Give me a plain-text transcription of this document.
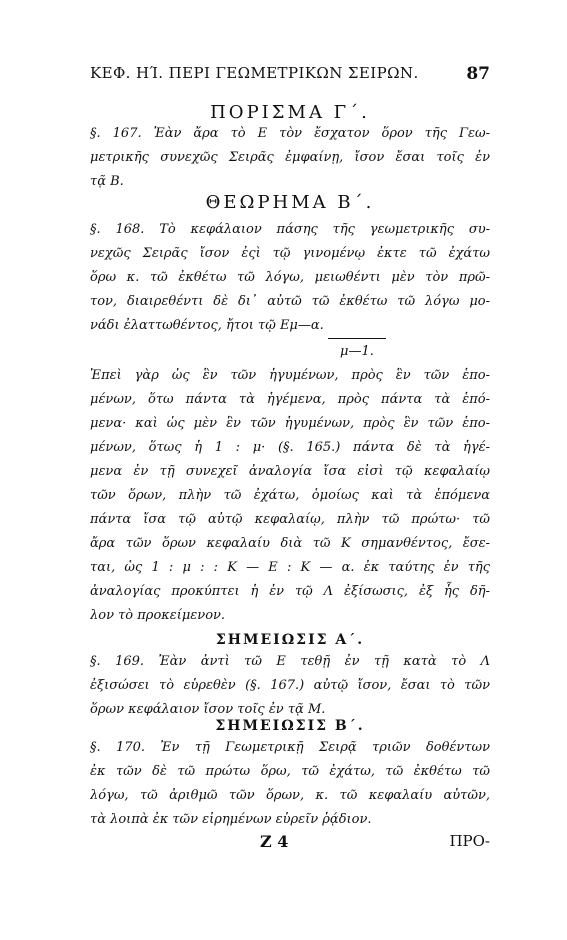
ΚΕΦ. ΗΊ. ΠΕΡΙ ΓΕΩΜΕΤΡΙΚΩΝ ΣΕΙΡΩΝ.	87
ΠΟΡΙΣΜΑ Γ΄.
§. 167. Ἐὰν ἄρα τὸ Ε τὸν ἔσχατον ὅρον τῆς Γεω-
μετρικῆς συνεχῶς Σειρᾶς ἐμφαίνῃ, ἴσον ἔσαι τοῖς ἐν
τᾷ Β.
ΘΕΩΡΗΜΑ Β΄.
§. 168. Τὸ κεφάλαιον πάσης τῆς γεωμετρικῆς συ-
νεχῶς Σειρᾶς ἴσον ἐςὶ τῷ γινομένῳ ἐκτε τῶ ἐχάτω
ὅρω κ. τῶ ἐκθέτω τῶ λόγω, μειωθέντι μὲν τὸν πρῶ-
τον, διαιρεθέντι δὲ δι᾿ αὐτῶ τῶ ἐκθέτω τῶ λόγω μο-
νάδι ἐλαττωθέντος, ἤτοι τῷ Εμ—α.
μ—1.
Ἐπεὶ γὰρ ὡς ἓν τῶν ἡγυμένων, πρὸς ἓν τῶν ἑπο-
μένων, ὅτω πάντα τὰ ἡγέμενα, πρὸς πάντα τὰ ἑπό-
μενα· καὶ ὡς μὲν ἓν τῶν ἡγυμένων, πρὸς ἓν τῶν ἑπο-
μένων, ὅτως ἡ 1 : μ· (§. 165.) πάντα δὲ τὰ ἡγέ-
μενα ἐν τῇ συνεχεῖ ἀναλογία ἴσα εἰσὶ τῷ κεφαλαίῳ
τῶν ὅρων, πλὴν τῶ ἐχάτω, ὁμοίως καὶ τὰ ἑπόμενα
πάντα ἴσα τῷ αὐτῷ κεφαλαίῳ, πλὴν τῶ πρώτω· τῶ
ἄρα τῶν ὅρων κεφαλαίυ διὰ τῶ Κ σημανθέντος, ἔσε-
ται, ὡς 1 : μ : : Κ — Ε : Κ — α. ἐκ ταύτης ἐν τῆς
ἀναλογίας προκύπτει ἡ ἐν τῷ Λ ἐξίσωσις, ἐξ ἧς δῆ-
λον τὸ προκείμενον.
ΣΗΜΕΙΩΣΙΣ Α΄.
§. 169. Ἐὰν ἀντὶ τῶ Ε τεθῇ ἐν τῇ κατὰ τὸ Λ
ἐξισώσει τὸ εὑρεθὲν (§. 167.) αὐτῷ ἴσον, ἔσαι τὸ τῶν
ὅρων κεφάλαιον ἴσον τοῖς ἐν τᾷ Μ.
ΣΗΜΕΙΩΣΙΣ Β΄.
§. 170. Ἐν τῇ Γεωμετρικῇ Σειρᾷ τριῶν δοθέντων
ἐκ τῶν δὲ τῶ πρώτω ὅρω, τῶ ἐχάτω, τῶ ἐκθέτω τῶ
λόγω, τῶ ἀριθμῶ τῶν ὅρων, κ. τῶ κεφαλαίυ αὐτῶν,
τὰ λοιπὰ ἐκ τῶν εἰρημένων εὑρεῖν ῥᾴδιον.
Ζ 4	ΠΡΟ-
